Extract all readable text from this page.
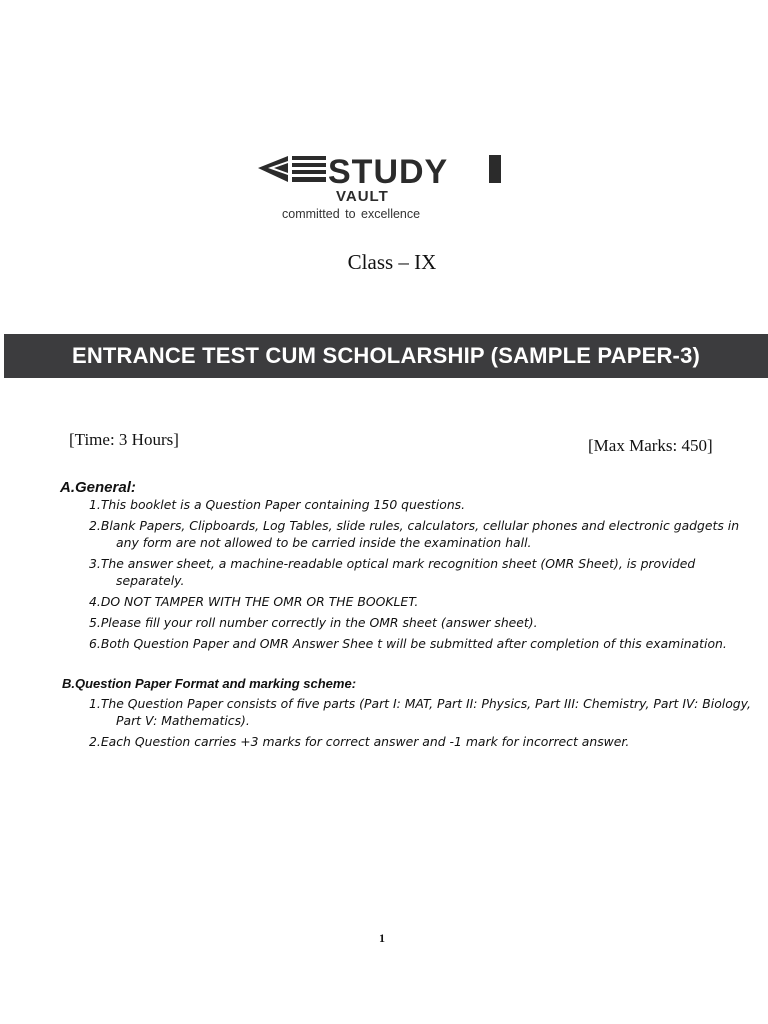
STUDY
VAULT
committed to excellence
Class – IX
ENTRANCE TEST CUM SCHOLARSHIP (SAMPLE PAPER-3)
[Time: 3 Hours]	[Max Marks: 450]
A.General:
1.This booklet is a Question Paper containing 150 questions.
2.Blank Papers, Clipboards, Log Tables, slide rules, calculators, cellular phones and electronic gadgets in any form are not allowed to be carried inside the examination hall.
3.The answer sheet, a machine-readable optical mark recognition sheet (OMR Sheet), is provided separately.
4.DO NOT TAMPER WITH THE OMR OR THE BOOKLET.
5.Please fill your roll number correctly in the OMR sheet (answer sheet).
6.Both Question Paper and OMR Answer Shee t will be submitted after completion of this examination.
B.Question Paper Format and marking scheme:
1.The Question Paper consists of five parts (Part I: MAT, Part II: Physics, Part III: Chemistry, Part IV: Biology, Part V: Mathematics).
2.Each Question carries +3 marks for correct answer and -1 mark for incorrect answer.
1
